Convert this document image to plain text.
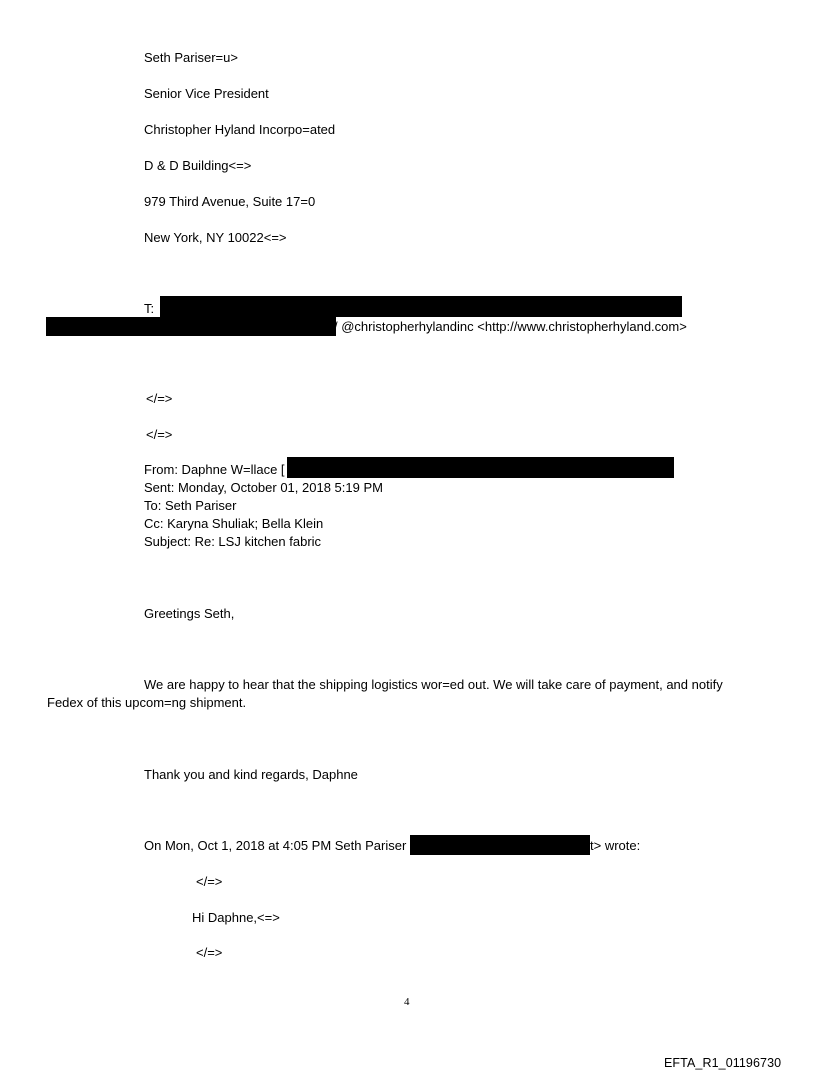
Seth Pariser=u>
Senior Vice President
Christopher Hyland Incorpo=ated
D & D Building<=>
979 Third Avenue, Suite 17=0
New York, NY 10022<=>
T:
/ @christopherhylandinc <http://www.christopherhyland.com>
</=>
</=>
From: Daphne W=llace [
Sent: Monday, October 01, 2018 5:19 PM
To: Seth Pariser
Cc: Karyna Shuliak; Bella Klein
Subject: Re: LSJ kitchen fabric
Greetings Seth,
We are happy to hear that the shipping logistics wor=ed out. We will take care of payment, and notify
Fedex of this upcom=ng shipment.
Thank you and kind regards, Daphne
On Mon, Oct 1, 2018 at 4:05 PM Seth Pariser	t> wrote:
</=>
Hi Daphne,<=>
</=>
4
EFTA_R1_01196730
